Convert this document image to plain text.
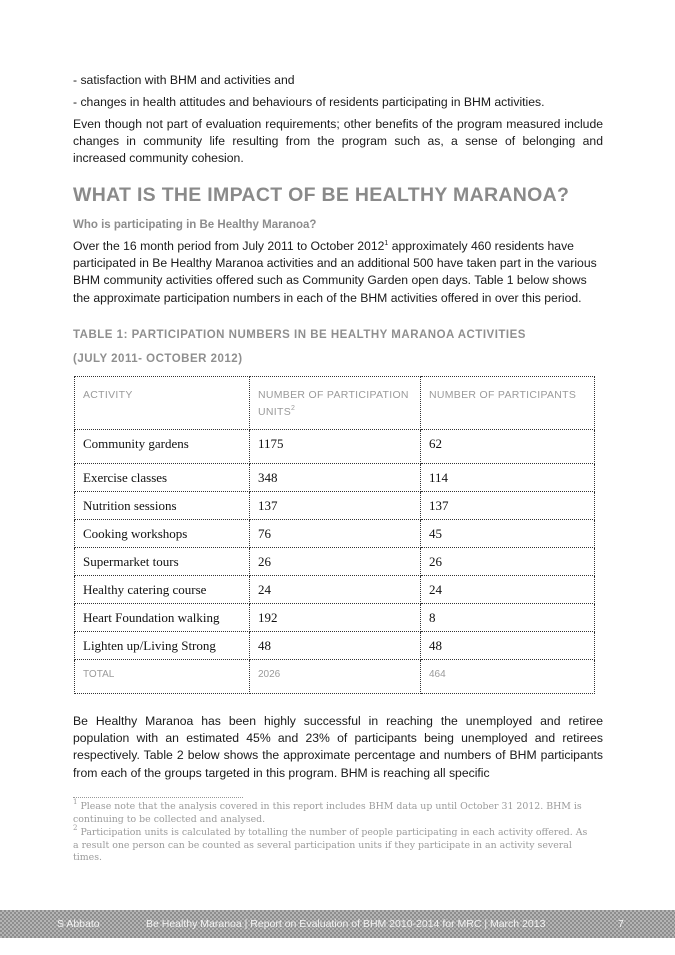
- satisfaction with BHM and activities and

- changes in health attitudes and behaviours of residents participating in BHM activities.

Even though not part of evaluation requirements; other benefits of the program measured include changes in community life resulting from the program such as, a sense of belonging and increased community cohesion.

WHAT IS THE IMPACT OF BE HEALTHY MARANOA?
Who is participating in Be Healthy Maranoa?

Over the 16 month period from July 2011 to October 2012$^1$ approximately 460 residents have participated in Be Healthy Maranoa activities and an additional 500 have taken part in the various BHM community activities offered such as Community Garden open days. Table 1 below shows the approximate participation numbers in each of the BHM activities offered in over this period.

TABLE 1: PARTICIPATION NUMBERS IN BE HEALTHY MARANOA ACTIVITIES

(JULY 2011- OCTOBER 2012)

ACTIVITY	NUMBER OF PARTICIPATION UNITS$^2$	NUMBER OF PARTICIPANTS
Community gardens	1175	62
Exercise classes	348	114
Nutrition sessions	137	137
Cooking workshops	76	45
Supermarket tours	26	26
Healthy catering course	24	24
Heart Foundation walking	192	8
Lighten up/Living Strong	48	48
TOTAL	2026	464

Be Healthy Maranoa has been highly successful in reaching the unemployed and retiree population with an estimated 45% and 23% of participants being unemployed and retirees respectively. Table 2 below shows the approximate percentage and numbers of BHM participants from each of the groups targeted in this program. BHM is reaching all specific

$^1$ Please note that the analysis covered in this report includes BHM data up until October 31 2012. BHM is continuing to be collected and analysed.

$^2$ Participation units is calculated by totalling the number of people participating in each activity offered. As a result one person can be counted as several participation units if they participate in an activity several times.

S Abbato	Be Healthy Maranoa | Report on Evaluation of BHM 2010-2014 for MRC | March 2013	7
